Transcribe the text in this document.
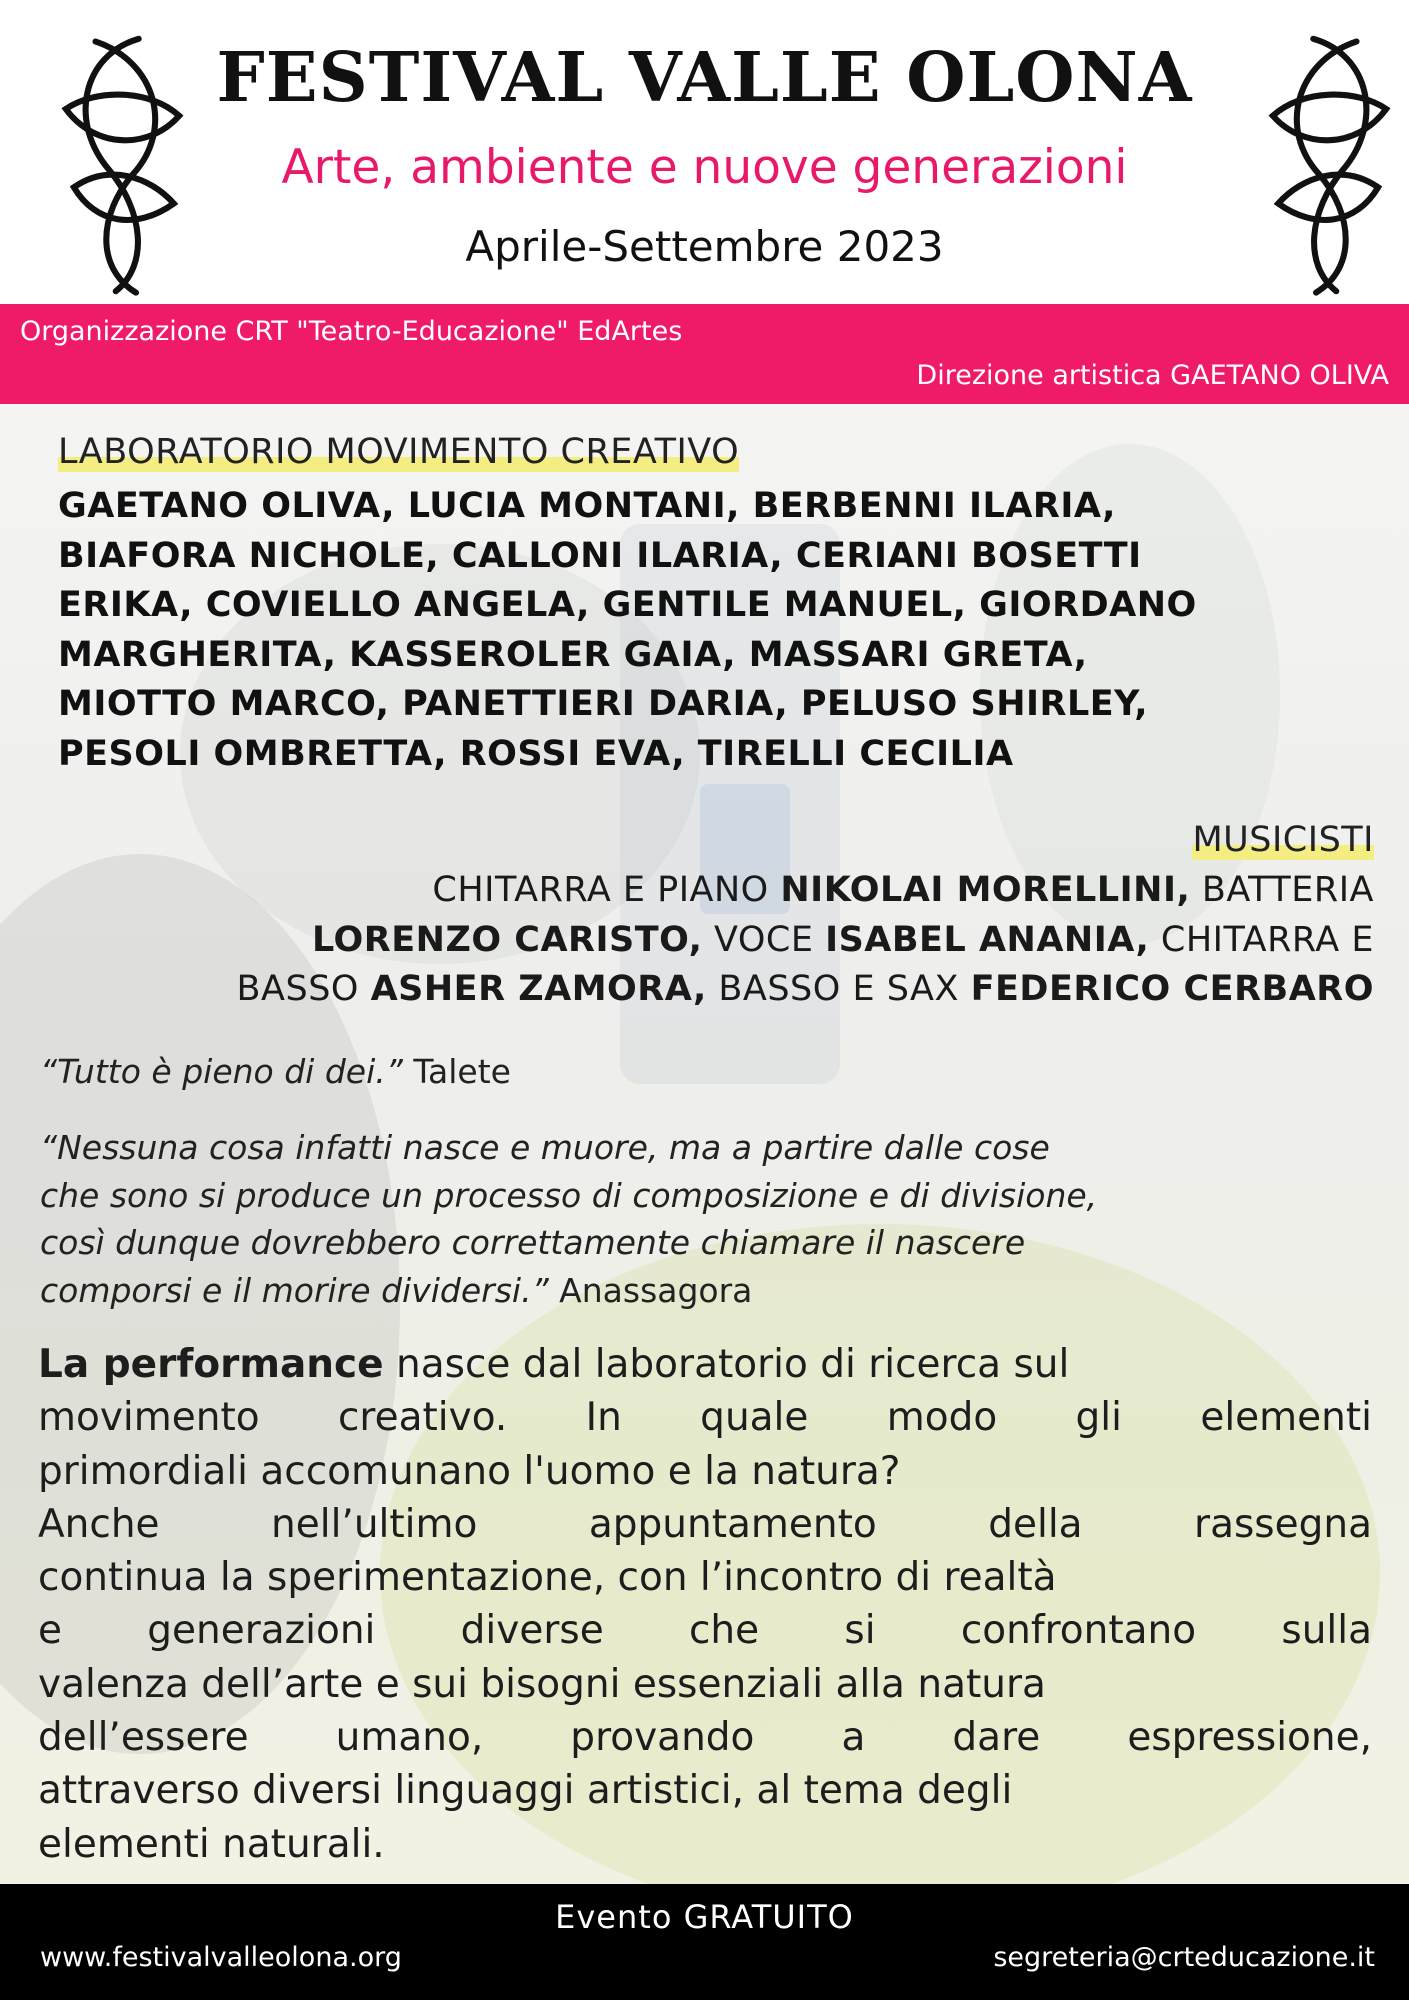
FESTIVAL VALLE OLONA
Arte, ambiente e nuove generazioni
Aprile-Settembre 2023
Organizzazione CRT "Teatro-Educazione" EdArtes
Direzione artistica GAETANO OLIVA
LABORATORIO MOVIMENTO CREATIVO
GAETANO OLIVA, LUCIA MONTANI, BERBENNI ILARIA,
BIAFORA NICHOLE, CALLONI ILARIA, CERIANI BOSETTI
ERIKA, COVIELLO ANGELA, GENTILE MANUEL, GIORDANO
MARGHERITA, KASSEROLER GAIA, MASSARI GRETA,
MIOTTO MARCO, PANETTIERI DARIA, PELUSO SHIRLEY,
PESOLI OMBRETTA, ROSSI EVA, TIRELLI CECILIA
MUSICISTI
CHITARRA E PIANO NIKOLAI MORELLINI, BATTERIA
LORENZO CARISTO, VOCE ISABEL ANANIA, CHITARRA E
BASSO ASHER ZAMORA, BASSO E SAX FEDERICO CERBARO
“Tutto è pieno di dei.” Talete
“Nessuna cosa infatti nasce e muore, ma a partire dalle cose
che sono si produce un processo di composizione e di divisione,
così dunque dovrebbero correttamente chiamare il nascere
comporsi e il morire dividersi.” Anassagora
La performance nasce dal laboratorio di ricerca sul
movimento creativo. In quale modo gli elementi
primordiali accomunano l'uomo e la natura?
Anche nell’ultimo appuntamento della rassegna
continua la sperimentazione, con l’incontro di realtà
e generazioni diverse che si confrontano sulla
valenza dell’arte e sui bisogni essenziali alla natura
dell’essere umano, provando a dare espressione,
attraverso diversi linguaggi artistici, al tema degli
elementi naturali.
Evento GRATUITO
www.festivalvalleolona.org	segreteria@crteducazione.it
